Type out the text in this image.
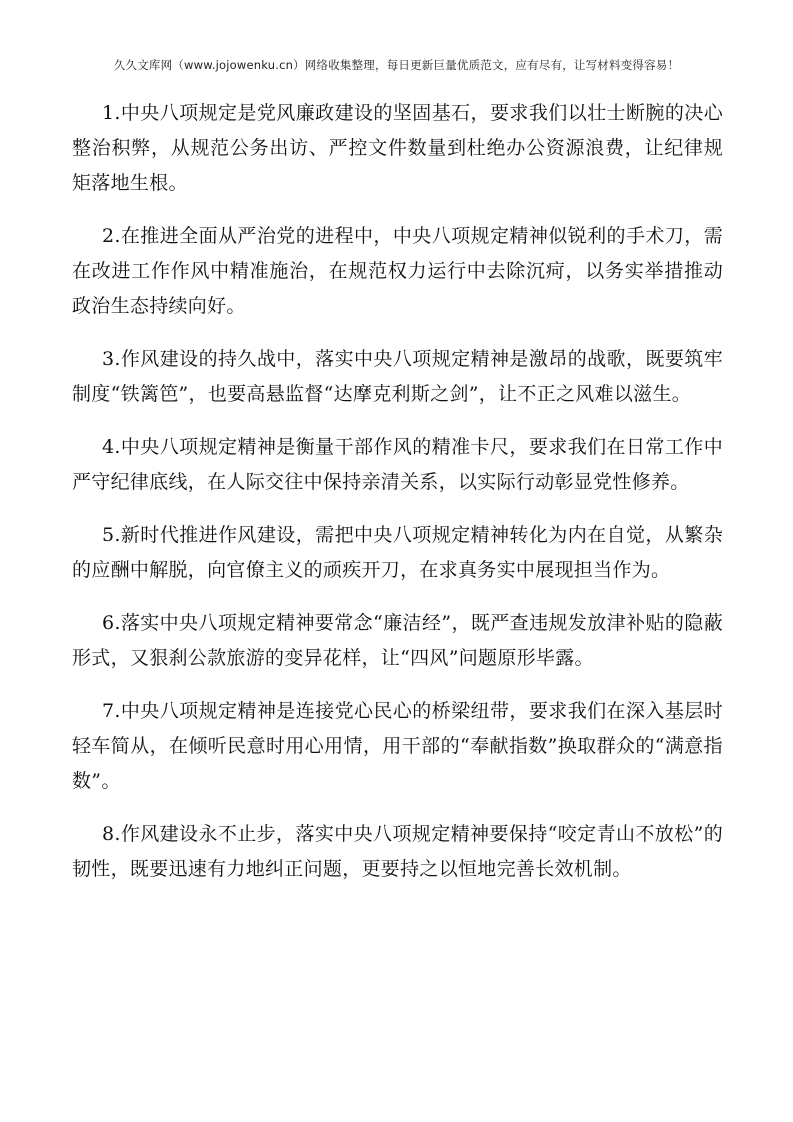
久久文库网（www.jojowenku.cn）网络收集整理，每日更新巨量优质范文，应有尽有，让写材料变得容易！

1.中央八项规定是党风廉政建设的坚固基石，要求我们以壮士断腕的决心整治积弊，从规范公务出访、严控文件数量到杜绝办公资源浪费，让纪律规矩落地生根。

2.在推进全面从严治党的进程中，中央八项规定精神似锐利的手术刀，需在改进工作作风中精准施治，在规范权力运行中去除沉疴，以务实举措推动政治生态持续向好。

3.作风建设的持久战中，落实中央八项规定精神是激昂的战歌，既要筑牢制度“铁篱笆”，也要高悬监督“达摩克利斯之剑”，让不正之风难以滋生。

4.中央八项规定精神是衡量干部作风的精准卡尺，要求我们在日常工作中严守纪律底线，在人际交往中保持亲清关系，以实际行动彰显党性修养。

5.新时代推进作风建设，需把中央八项规定精神转化为内在自觉，从繁杂的应酬中解脱，向官僚主义的顽疾开刀，在求真务实中展现担当作为。

6.落实中央八项规定精神要常念“廉洁经”，既严查违规发放津补贴的隐蔽形式，又狠刹公款旅游的变异花样，让“四风”问题原形毕露。

7.中央八项规定精神是连接党心民心的桥梁纽带，要求我们在深入基层时轻车简从，在倾听民意时用心用情，用干部的“奉献指数”换取群众的“满意指数”。

8.作风建设永不止步，落实中央八项规定精神要保持“咬定青山不放松”的韧性，既要迅速有力地纠正问题，更要持之以恒地完善长效机制。
